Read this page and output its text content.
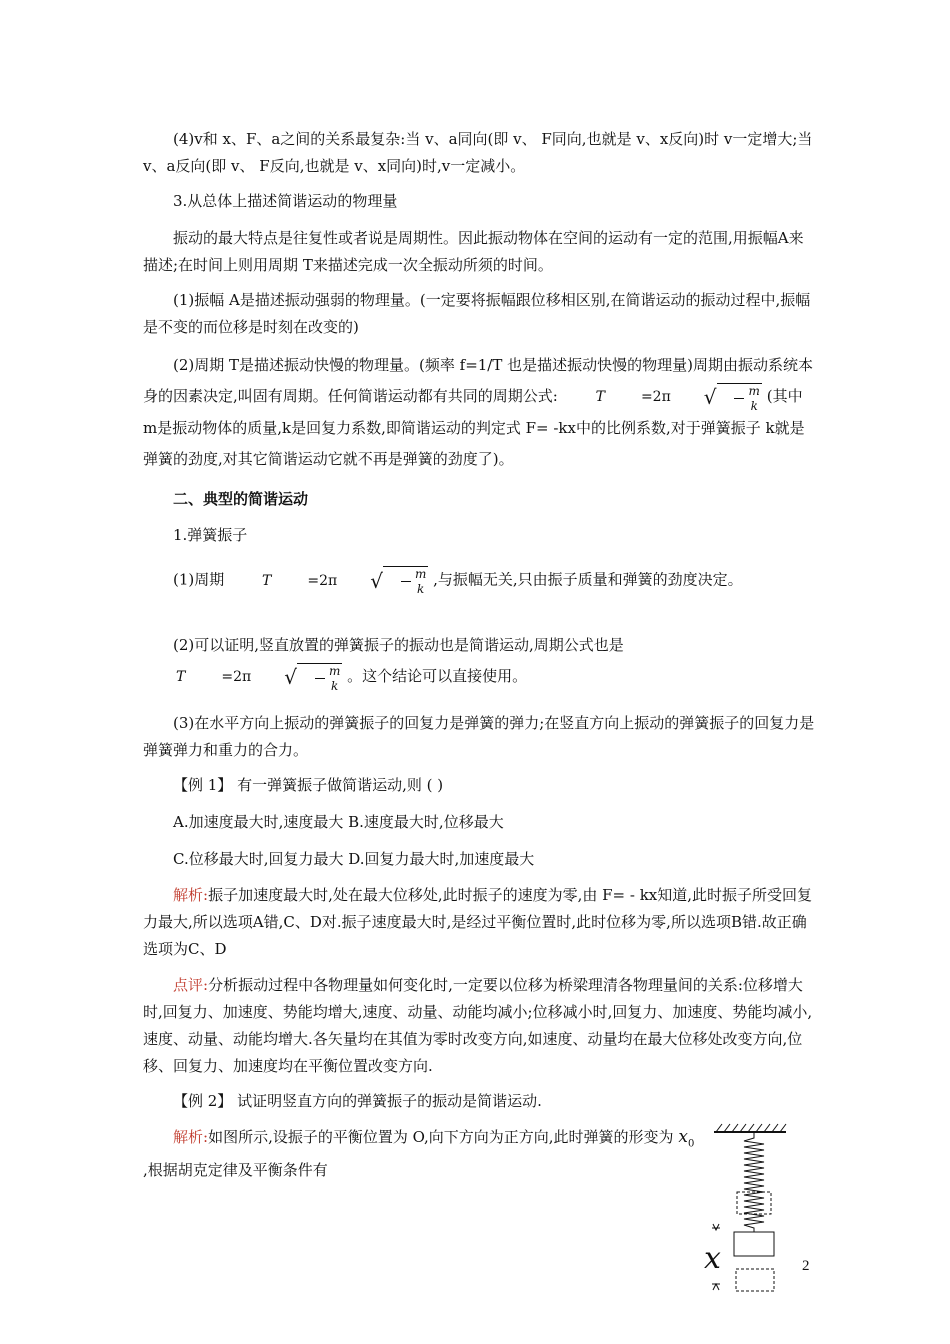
(4)v和 x、F、a之间的关系最复杂:当 v、a同向(即 v、 F同向,也就是 v、x反向)时 v一定增大;当 v、a反向(即 v、 F反向,也就是 v、x同向)时,v一定减小。

3.从总体上描述简谐运动的物理量

振动的最大特点是往复性或者说是周期性。因此振动物体在空间的运动有一定的范围,用振幅A来描述;在时间上则用周期 T来描述完成一次全振动所须的时间。

(1)振幅 A是描述振动强弱的物理量。(一定要将振幅跟位移相区别,在简谐运动的振动过程中,振幅是不变的而位移是时刻在改变的)

(2)周期 T是描述振动快慢的物理量。(频率 f=1/T 也是描述振动快慢的物理量)周期由振动系统本身的因素决定,叫固有周期。任何简谐运动都有共同的周期公式:	T	=2π	√	m
k
(其中 m是振动物体的质量,k是回复力系数,即简谐运动的判定式 F= -kx中的比例系数,对于弹簧振子 k就是弹簧的劲度,对其它简谐运动它就不再是弹簧的劲度了)。

二、典型的简谐运动

1.弹簧振子

(1)周期	T	=2π	√	m
k
,与振幅无关,只由振子质量和弹簧的劲度决定。

(2)可以证明,竖直放置的弹簧振子的振动也是简谐运动,周期公式也是
T	=2π	√	m
k
。这个结论可以直接使用。

(3)在水平方向上振动的弹簧振子的回复力是弹簧的弹力;在竖直方向上振动的弹簧振子的回复力是弹簧弹力和重力的合力。

【例 1】 有一弹簧振子做简谐运动,则 ( )

A.加速度最大时,速度最大 B.速度最大时,位移最大

C.位移最大时,回复力最大 D.回复力最大时,加速度最大

解析:振子加速度最大时,处在最大位移处,此时振子的速度为零,由 F= - kx知道,此时振子所受回复力最大,所以选项A错,C、D对.振子速度最大时,是经过平衡位置时,此时位移为零,所以选项B错.故正确选项为C、D

点评:分析振动过程中各物理量如何变化时,一定要以位移为桥梁理清各物理量间的关系:位移增大时,回复力、加速度、势能均增大,速度、动量、动能均减小;位移减小时,回复力、加速度、势能均减小,速度、动量、动能均增大.各矢量均在其值为零时改变方向,如速度、动量均在最大位移处改变方向,位移、回复力、加速度均在平衡位置改变方向.

【例 2】 试证明竖直方向的弹簧振子的振动是简谐运动.

解析:如图所示,设振子的平衡位置为 O,向下方向为正方向,此时弹簧的形变为 $x_0$ ,根据胡克定律及平衡条件有

x	2
